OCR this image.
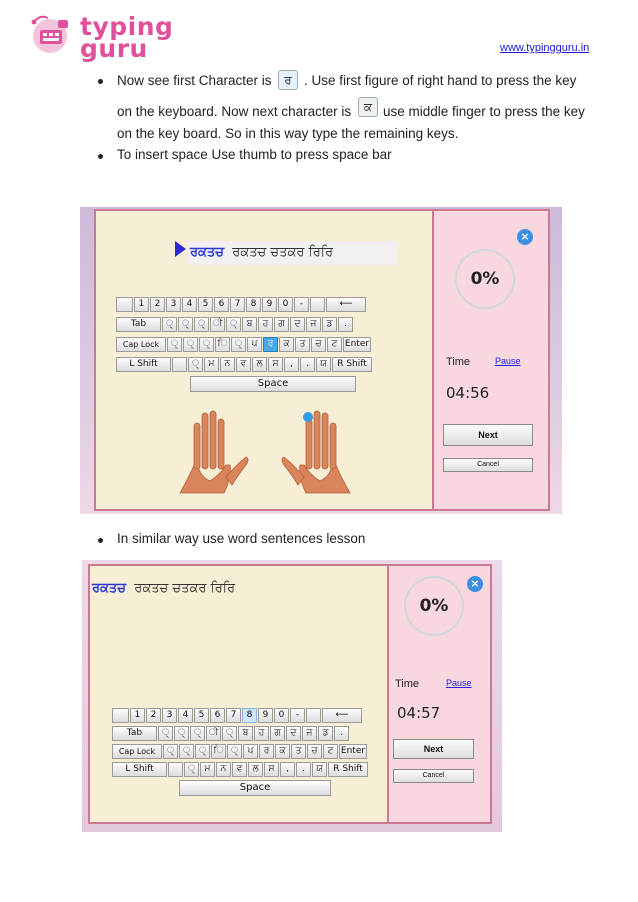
typing
guru	www.typingguru.in
Now see first Character is	ਰ . Use first figure of right hand to press the key
on the keyboard. Now next character is	ਕ use middle finger to press the key
on the key board. So in this way type the remaining keys.
To insert space Use thumb to press space bar
ਰਕਤਚ ਰਕਤਚ ਚਤਕਰ ਰਿਰਿ
×
0%
Time	Pause
04:56
Next
Cancel
1	2	3	4	5	6	7	8	9	0	-	⟵
Tab	ੑ ੑ ੑ ੀ ੍	ਬ	ਹ	ਗ	ਦ	ਜ	ਡ	.
Cap Lock	ੑ ੑ ੑ ਿ ੑ	ਪ	ਰ	ਕ	ਤ	ਚ	ਟ Enter
L Shift	ੑ	ਮ	ਨ	ਵ	ਲ	ਸ	,	.	ਯ	R Shift
Space
In similar way use word sentences lesson
ਰਕਤਚ ਰਕਤਚ ਚਤਕਰ ਰਿਰਿ	×
0%
Time	Pause
04:57
Next
Cancel
1	2	3	4	5	6	7	8	9	0	-	⟵
Tab	ੑ ੑ ੑ ੀ ੍	ਬ	ਹ	ਗ	ਦ	ਜ	ਡ	.
Cap Lock	ੑ ੑ ੑ ਿ ੑ	ਪ	ਰ	ਕ	ਤ	ਚ	ਟ Enter
L Shift	ੑ	ਮ	ਨ	ਵ	ਲ	ਸ	,	.	ਯ	R Shift
Space
